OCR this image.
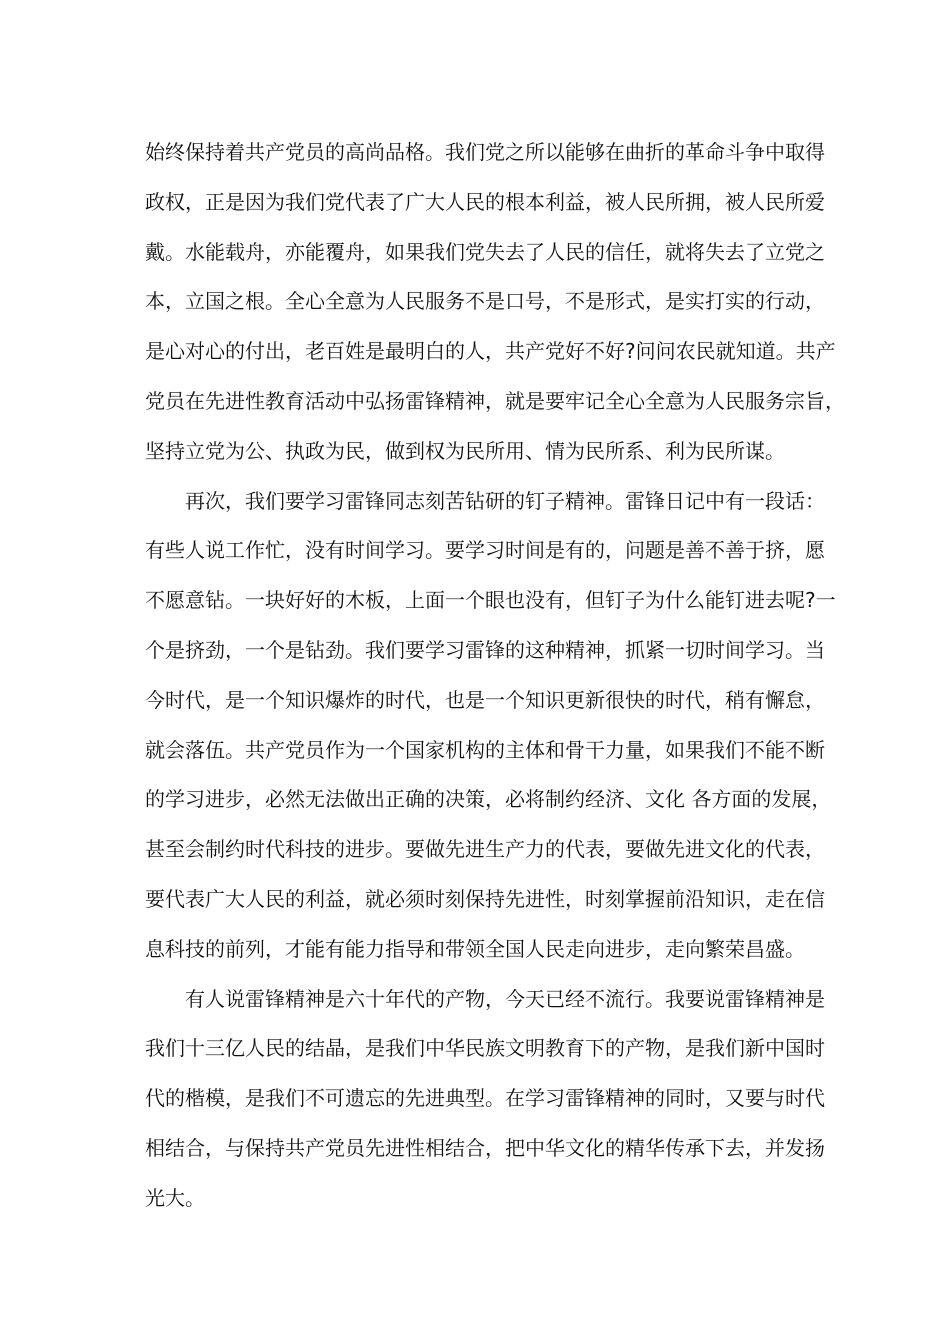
始终保持着共产党员的高尚品格。我们党之所以能够在曲折的革命斗争中取得
政权，正是因为我们党代表了广大人民的根本利益，被人民所拥，被人民所爱
戴。水能载舟，亦能覆舟，如果我们党失去了人民的信任，就将失去了立党之
本，立国之根。全心全意为人民服务不是口号，不是形式，是实打实的行动，
是心对心的付出，老百姓是最明白的人，共产党好不好?问问农民就知道。共产
党员在先进性教育活动中弘扬雷锋精神，就是要牢记全心全意为人民服务宗旨，
坚持立党为公、执政为民，做到权为民所用、情为民所系、利为民所谋。
　　再次，我们要学习雷锋同志刻苦钻研的钉子精神。雷锋日记中有一段话：
有些人说工作忙，没有时间学习。要学习时间是有的，问题是善不善于挤，愿
不愿意钻。一块好好的木板，上面一个眼也没有，但钉子为什么能钉进去呢?一
个是挤劲，一个是钻劲。我们要学习雷锋的这种精神，抓紧一切时间学习。当
今时代，是一个知识爆炸的时代，也是一个知识更新很快的时代，稍有懈怠，
就会落伍。共产党员作为一个国家机构的主体和骨干力量，如果我们不能不断
的学习进步，必然无法做出正确的决策，必将制约经济、文化 各方面的发展，
甚至会制约时代科技的进步。要做先进生产力的代表，要做先进文化的代表，
要代表广大人民的利益，就必须时刻保持先进性，时刻掌握前沿知识，走在信
息科技的前列，才能有能力指导和带领全国人民走向进步，走向繁荣昌盛。
　　有人说雷锋精神是六十年代的产物，今天已经不流行。我要说雷锋精神是
我们十三亿人民的结晶，是我们中华民族文明教育下的产物，是我们新中国时
代的楷模，是我们不可遗忘的先进典型。在学习雷锋精神的同时，又要与时代
相结合，与保持共产党员先进性相结合，把中华文化的精华传承下去，并发扬
光大。
